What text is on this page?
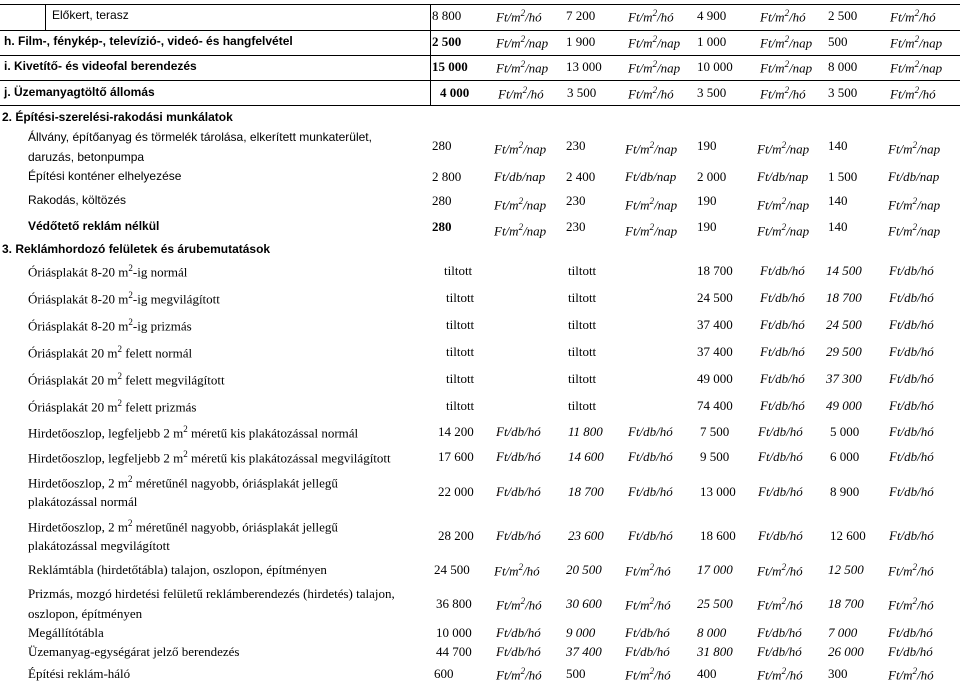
Előkert, terasz	8 800	$Ft/m^2/hó$ 7 200	$Ft/m^2/hó$ 4 900	$Ft/m^2/hó$ 2 500	$Ft/m^2/hó$
h. Film-, fénykép‑, televízió-, videó- és hangfelvétel	2 500	$Ft/m^2$/nap 1 900	$Ft/m^2$/nap 1 000	$Ft/m^2$/nap 500	$Ft/m^2$/nap
i. Kivetítő- és videofal berendezés	15 000 $Ft/m^2$/nap 13 000 $Ft/m^2$/nap 10 000 $Ft/m^2$/nap 8 000	$Ft/m^2$/nap
j. Üzemanyagtöltő állomás	4 000 $Ft/m^2/hó$ 3 500 $Ft/m^2/hó$ 3 500	$Ft/m^2/hó$ 3 500	$Ft/m^2/hó$
2. Építési-szerelési-rakodási munkálatok
Állvány, építőanyag és törmelék tárolása, elkerített munkaterület,
daruzás, betonpumpa
280	$Ft/m^2$/nap 230	$Ft/m^2$/nap 190	$Ft/m^2$/nap 140	$Ft/m^2$/nap
Építési konténer elhelyezése	2 800	Ft/db/nap 2 400 Ft/db/nap 2 000 Ft/db/nap 1 500 Ft/db/nap
Rakodás, költözés	280	$Ft/m^2$/nap 230	$Ft/m^2$/nap 190	$Ft/m^2$/nap 140	$Ft/m^2$/nap
Védőtető reklám nélkül	280	$Ft/m^2$/nap 230	$Ft/m^2$/nap 190	$Ft/m^2$/nap 140	$Ft/m^2$/nap
3. Reklámhordozó felületek és árubemutatások
Óriásplakát 8-20 $m^2-ig$ normál	tiltott	tiltott	18 700 Ft/db/hó 14 500 Ft/db/hó
Óriásplakát 8-20 $m^2-ig$ megvilágított	tiltott	tiltott	24 500 Ft/db/hó 18 700 Ft/db/hó
Óriásplakát 8-20 $m^2-ig$ prizmás	tiltott	tiltott	37 400 Ft/db/hó 24 500 Ft/db/hó
Óriásplakát 20 $m^2$ felett normál	tiltott	tiltott	37 400 Ft/db/hó 29 500 Ft/db/hó
Óriásplakát 20 $m^2$ felett megvilágított	tiltott	tiltott	49 000 Ft/db/hó 37 300 Ft/db/hó
Óriásplakát 20 $m^2$ felett prizmás	tiltott	tiltott	74 400 Ft/db/hó 49 000 Ft/db/hó
Hirdetőoszlop, legfeljebb 2 $m^2$ méretű kis plakátozással normál	14 200 Ft/db/hó 11 800 Ft/db/hó 7 500 Ft/db/hó 5 000 Ft/db/hó
Hirdetőoszlop, legfeljebb 2 $m^2$ méretű kis plakátozással megvilágított	17 600 Ft/db/hó 14 600 Ft/db/hó 9 500 Ft/db/hó 6 000 Ft/db/hó
Hirdetőoszlop, 2 $m^2$ méretűnél nagyobb, óriásplakát jellegű
plakátozással normál
22 000 Ft/db/hó 18 700 Ft/db/hó 13 000 Ft/db/hó 8 900 Ft/db/hó
Hirdetőoszlop, 2 $m^2$ méretűnél nagyobb, óriásplakát jellegű
plakátozással megvilágított
28 200 Ft/db/hó 23 600 Ft/db/hó 18 600 Ft/db/hó 12 600 Ft/db/hó
Reklámtábla (hirdetőtábla) talajon, oszlopon, építményen	24 500 $Ft/m^2/hó$ 20 500 $Ft/m^2/hó$ 17 000 $Ft/m^2/hó$ 12 500 $Ft/m^2/hó$
Prizmás, mozgó hirdetési felületű reklámberendezés (hirdetés) talajon,
oszlopon, építményen
36 800 $Ft/m^2/hó$ 30 600 $Ft/m^2/hó$ 25 500 $Ft/m^2/hó$ 18 700 $Ft/m^2/hó$
Megállítótábla	10 000 Ft/db/hó 9 000 Ft/db/hó 8 000 Ft/db/hó 7 000 Ft/db/hó
Üzemanyag-egységárat jelző berendezés	44 700 Ft/db/hó 37 400 Ft/db/hó 31 800 Ft/db/hó 26 000 Ft/db/hó
Építési reklám-háló	600	$Ft/m^2/hó$ 500	$Ft/m^2/hó$ 400	$Ft/m^2/hó$ 300	$Ft/m^2/hó$
